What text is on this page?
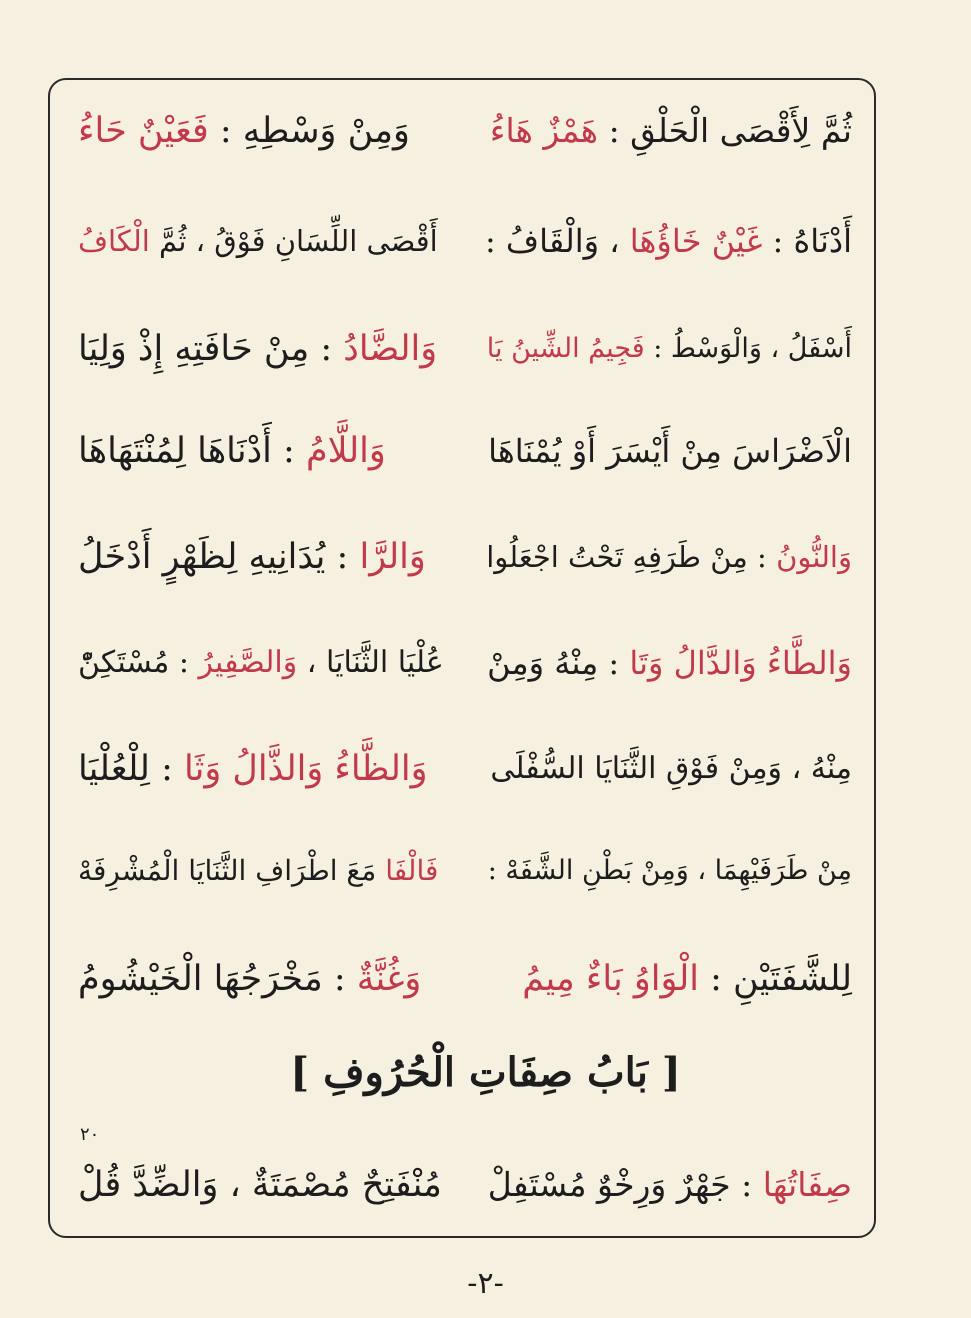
ثُمَّ لِأَقْصَى الْحَلْقِ : هَمْزٌ هَاءُ
وَمِنْ وَسْطِهِ : فَعَيْنٌ حَاءُ
أَدْنَاهُ : غَيْنٌ خَاؤُهَا ، وَالْقَافُ :
أَقْصَى اللِّسَانِ فَوْقُ ، ثُمَّ الْكَافُ
أَسْفَلُ ، وَالْوَسْطُ : فَجِيمُ الشِّينُ يَا
وَالضَّادُ : مِنْ حَافَتِهِ إِذْ وَلِيَا
الْاَضْرَاسَ مِنْ أَيْسَرَ أَوْ يُمْنَاهَا
وَاللَّامُ : أَدْنَاهَا لِمُنْتَهَاهَا
وَالنُّونُ : مِنْ طَرَفِهِ تَحْتُ اجْعَلُوا
وَالرَّا : يُدَانِيهِ لِظَهْرٍ أَدْخَلُ
وَالطَّاءُ وَالدَّالُ وَتَا : مِنْهُ وَمِنْ
عُلْيَا الثَّنَايَا ، وَالصَّفِيرُ : مُسْتَكِنّْ
مِنْهُ ، وَمِنْ فَوْقِ الثَّنَايَا السُّفْلَى
وَالظَّاءُ وَالذَّالُ وَثَا : لِلْعُلْيَا
مِنْ طَرَفَيْهِمَا ، وَمِنْ بَطْنِ الشَّفَهْ :
فَالْفَا مَعَ اطْرَافِ الثَّنَايَا الْمُشْرِفَهْ
لِلشَّفَتَيْنِ : الْوَاوُ بَاءٌ مِيمُ
وَغُنَّةٌ : مَخْرَجُهَا الْخَيْشُومُ
صِفَاتُهَا : جَهْرٌ وَرِخْوٌ مُسْتَفِلْ
مُنْفَتِحٌ مُصْمَتَةٌ ، وَالضِّدَّ قُلْ
[ بَابُ صِفَاتِ الْحُرُوفِ ]
٢٠
-٢-
